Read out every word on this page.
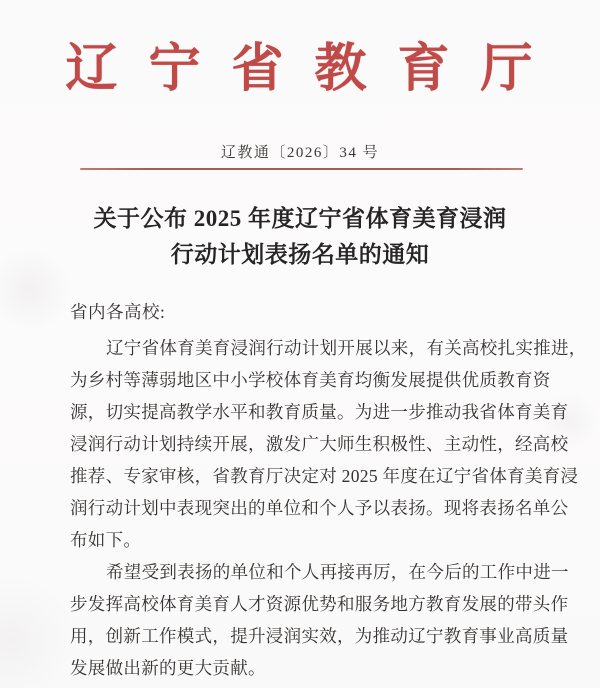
辽 宁 省 教 育 厅
辽教通〔2026〕34 号
关于公布 2025 年度辽宁省体育美育浸润
行动计划表扬名单的通知
省内各高校:
辽宁省体育美育浸润行动计划开展以来，有关高校扎实推进，
为乡村等薄弱地区中小学校体育美育均衡发展提供优质教育资
源，切实提高教学水平和教育质量。为进一步推动我省体育美育
浸润行动计划持续开展，激发广大师生积极性、主动性，经高校
推荐、专家审核，省教育厅决定对 2025 年度在辽宁省体育美育浸
润行动计划中表现突出的单位和个人予以表扬。现将表扬名单公
布如下。
希望受到表扬的单位和个人再接再厉，在今后的工作中进一
步发挥高校体育美育人才资源优势和服务地方教育发展的带头作
用，创新工作模式，提升浸润实效，为推动辽宁教育事业高质量
发展做出新的更大贡献。
